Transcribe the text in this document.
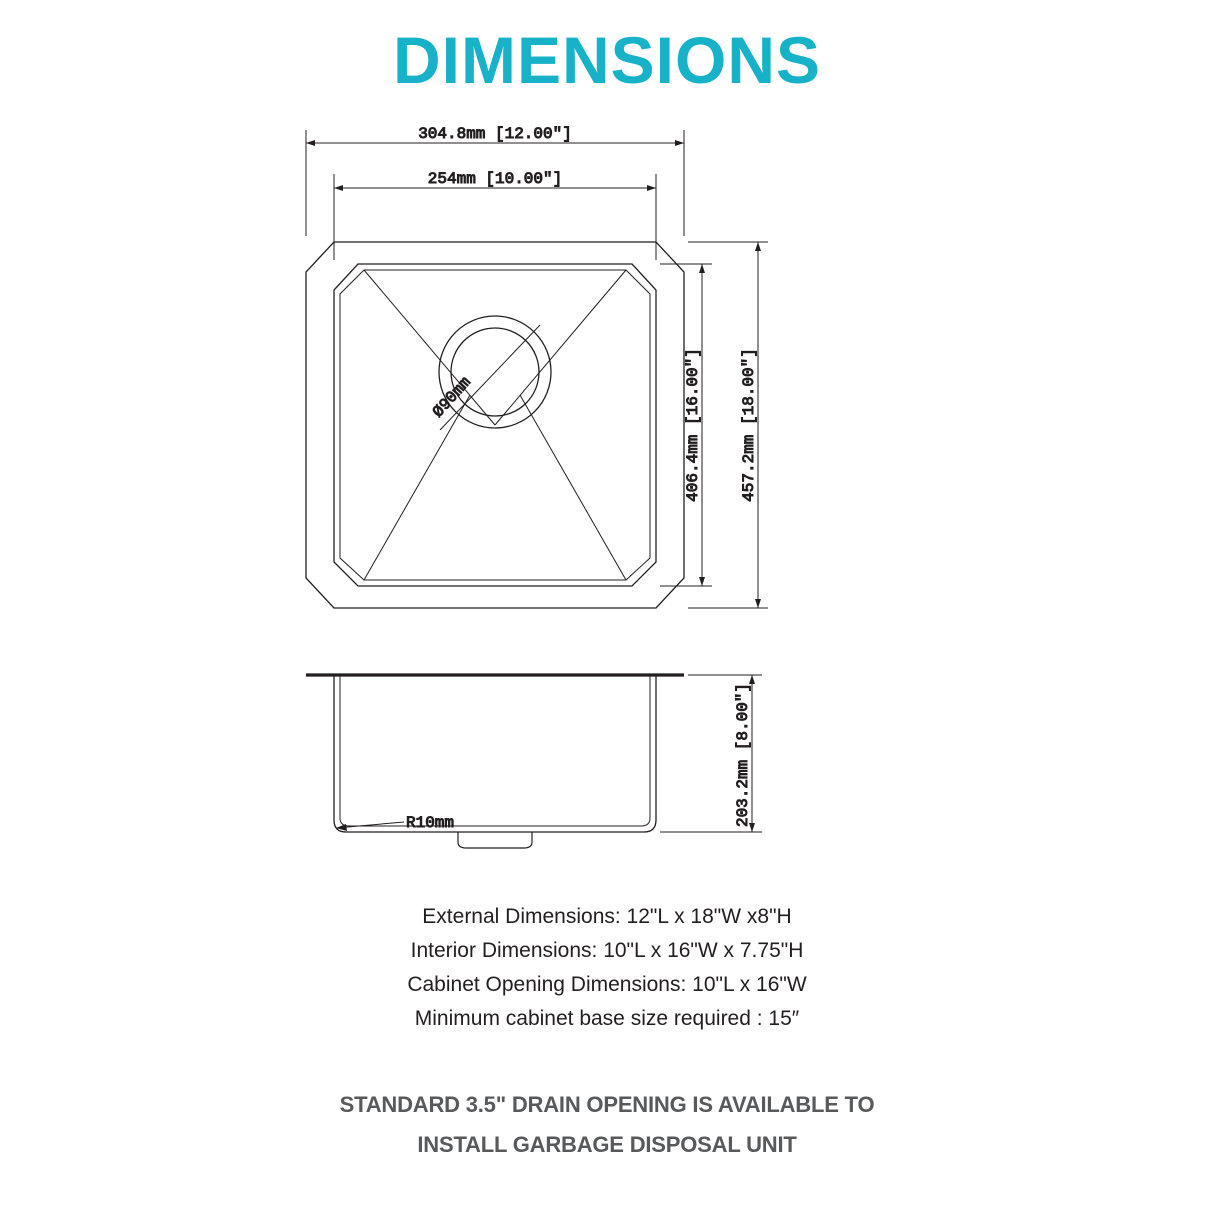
DIMENSIONS
304.8mm [12.00"]
254mm [10.00"]
406.4mm [16.00"] 457.2mm [18.00"]
Ø90mm
203.2mm [8.00"]
R10mm
External Dimensions: 12"L x 18"W x8"H
Interior Dimensions: 10"L x 16"W x 7.75"H
Cabinet Opening Dimensions: 10"L x 16"W
Minimum cabinet base size required : 15″
STANDARD 3.5" DRAIN OPENING IS AVAILABLE TO
INSTALL GARBAGE DISPOSAL UNIT
